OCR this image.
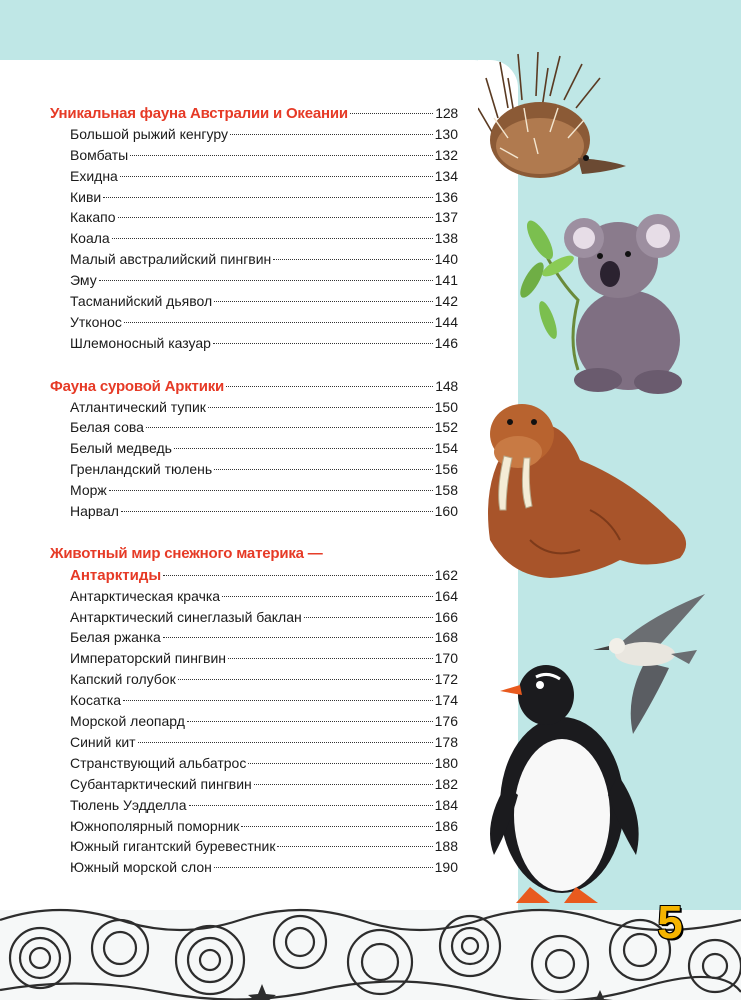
Уникальная фауна Австралии и Океании	128
Большой рыжий кенгуру	130
Вомбаты	132
Ехидна	134
Киви	136
Какапо	137
Коала	138
Малый австралийский пингвин	140
Эму	141
Тасманийский дьявол	142
Утконос	144
Шлемоносный казуар	146
Фауна суровой Арктики	148
Атлантический тупик	150
Белая сова	152
Белый медведь	154
Гренландский тюлень	156
Морж	158
Нарвал	160
Животный мир снежного материка —
Антарктиды	162
Антарктическая крачка	164
Антарктический синеглазый баклан	166
Белая ржанка	168
Императорский пингвин	170
Капский голубок	172
Косатка	174
Морской леопард	176
Синий кит	178
Странствующий альбатрос	180
Субантарктический пингвин	182
Тюлень Уэдделла	184
Южнополярный поморник	186
Южный гигантский буревестник	188
Южный морской слон	190
5
